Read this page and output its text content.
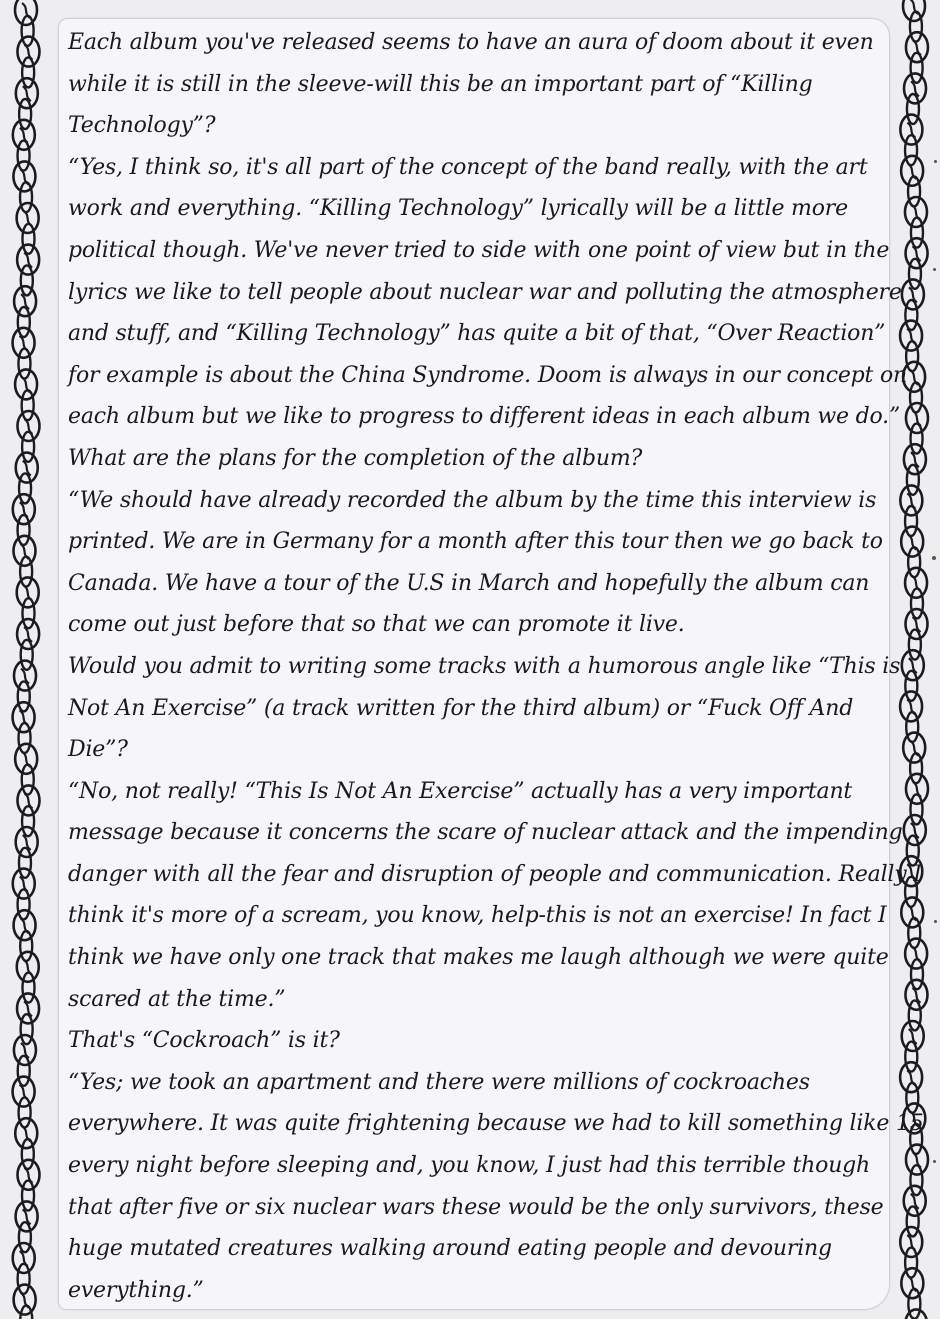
Each album you've released seems to have an aura of doom about it even
while it is still in the sleeve-will this be an important part of “Killing
Technology”?
“Yes, I think so, it's all part of the concept of the band really, with the art
work and everything. “Killing Technology” lyrically will be a little more
political though. We've never tried to side with one point of view but in the
lyrics we like to tell people about nuclear war and polluting the atmosphere
and stuff, and “Killing Technology” has quite a bit of that, “Over Reaction”
for example is about the China Syndrome. Doom is always in our concept on
each album but we like to progress to different ideas in each album we do.”
What are the plans for the completion of the album?
“We should have already recorded the album by the time this interview is
printed. We are in Germany for a month after this tour then we go back to
Canada. We have a tour of the U.S in March and hopefully the album can
come out just before that so that we can promote it live.
Would you admit to writing some tracks with a humorous angle like “This is
Not An Exercise” (a track written for the third album) or “Fuck Off And
Die”?
“No, not really! “This Is Not An Exercise” actually has a very important
message because it concerns the scare of nuclear attack and the impending
danger with all the fear and disruption of people and communication. Really I
think it's more of a scream, you know, help-this is not an exercise! In fact I
think we have only one track that makes me laugh although we were quite
scared at the time.”
That's “Cockroach” is it?
“Yes; we took an apartment and there were millions of cockroaches
everywhere. It was quite frightening because we had to kill something like 15
every night before sleeping and, you know, I just had this terrible though
that after five or six nuclear wars these would be the only survivors, these
huge mutated creatures walking around eating people and devouring
everything.”
